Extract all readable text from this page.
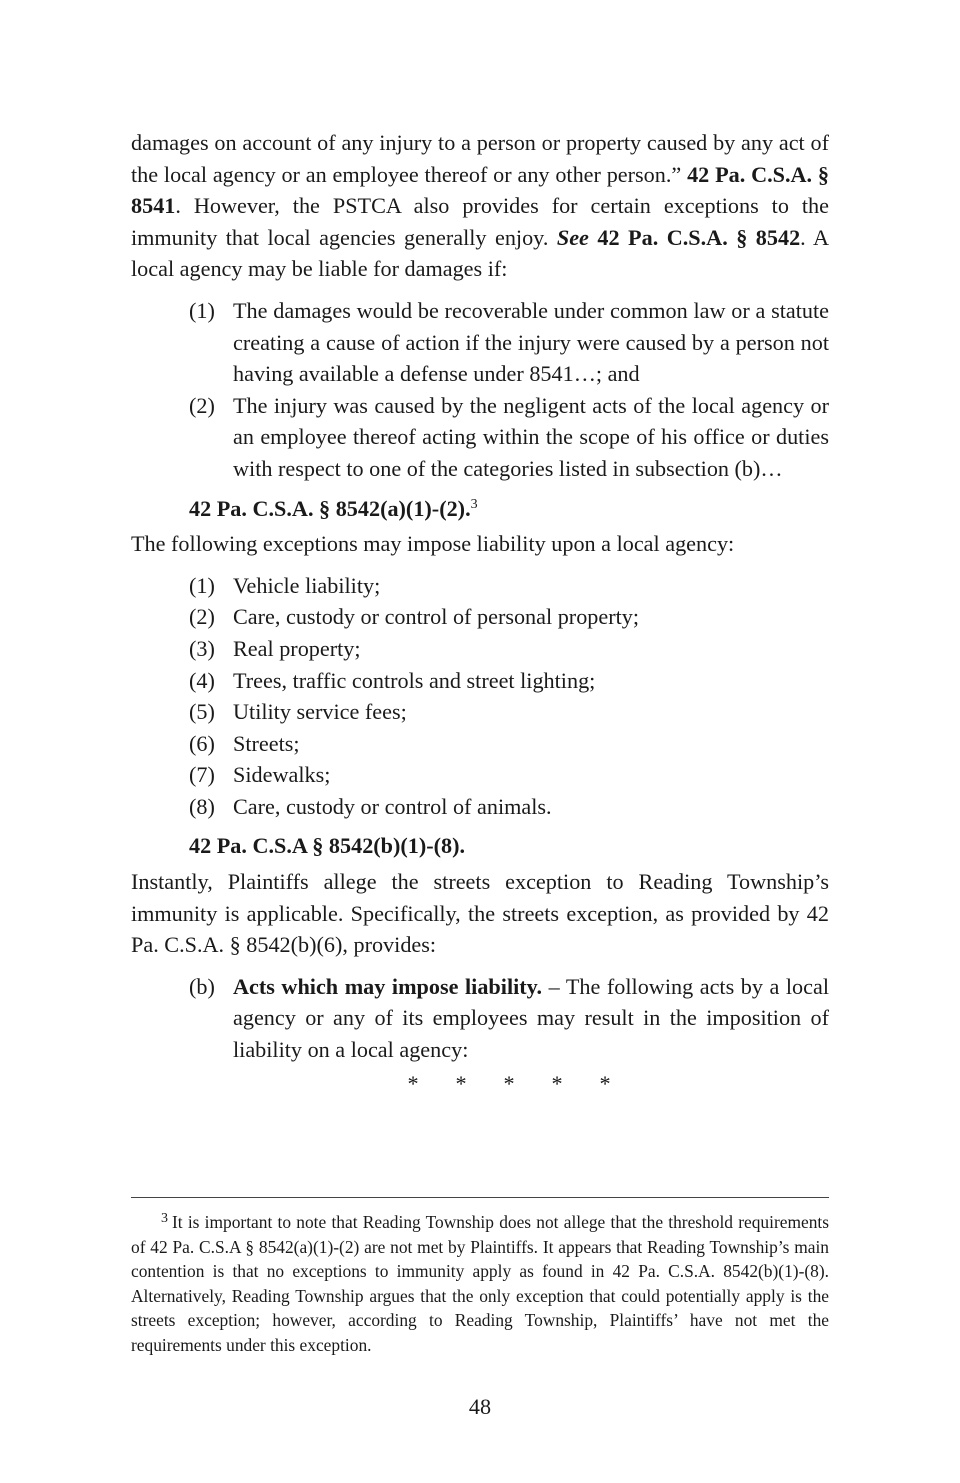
damages on account of any injury to a person or property caused by any act of the local agency or an employee thereof or any other person.” 42 Pa. C.S.A. § 8541. However, the PSTCA also provides for certain exceptions to the immunity that local agencies generally enjoy. See 42 Pa. C.S.A. § 8542. A local agency may be liable for damages if:

(1) The damages would be recoverable under common law or a statute creating a cause of action if the injury were caused by a person not having available a defense under 8541…; and
(2) The injury was caused by the negligent acts of the local agency or an employee thereof acting within the scope of his office or duties with respect to one of the categories listed in subsection (b)…
42 Pa. C.S.A. § 8542(a)(1)-(2).$^3$

The following exceptions may impose liability upon a local agency:

(1) Vehicle liability;
(2) Care, custody or control of personal property;
(3) Real property;
(4) Trees, traffic controls and street lighting;
(5) Utility service fees;
(6) Streets;
(7) Sidewalks;
(8) Care, custody or control of animals.
42 Pa. C.S.A § 8542(b)(1)-(8).

Instantly, Plaintiffs allege the streets exception to Reading Township’s immunity is applicable. Specifically, the streets exception, as provided by 42 Pa. C.S.A. § 8542(b)(6), provides:

(b) Acts which may impose liability. – The following acts by a local agency or any of its employees may result in the imposition of liability on a local agency:
* * * * *
$^3$ It is important to note that Reading Township does not allege that the threshold requirements of 42 Pa. C.S.A § 8542(a)(1)-(2) are not met by Plaintiffs. It appears that Reading Township’s main contention is that no exceptions to immunity apply as found in 42 Pa. C.S.A. 8542(b)(1)-(8). Alternatively, Reading Township argues that the only exception that could potentially apply is the streets exception; however, according to Reading Township, Plaintiffs’ have not met the requirements under this exception.
48
